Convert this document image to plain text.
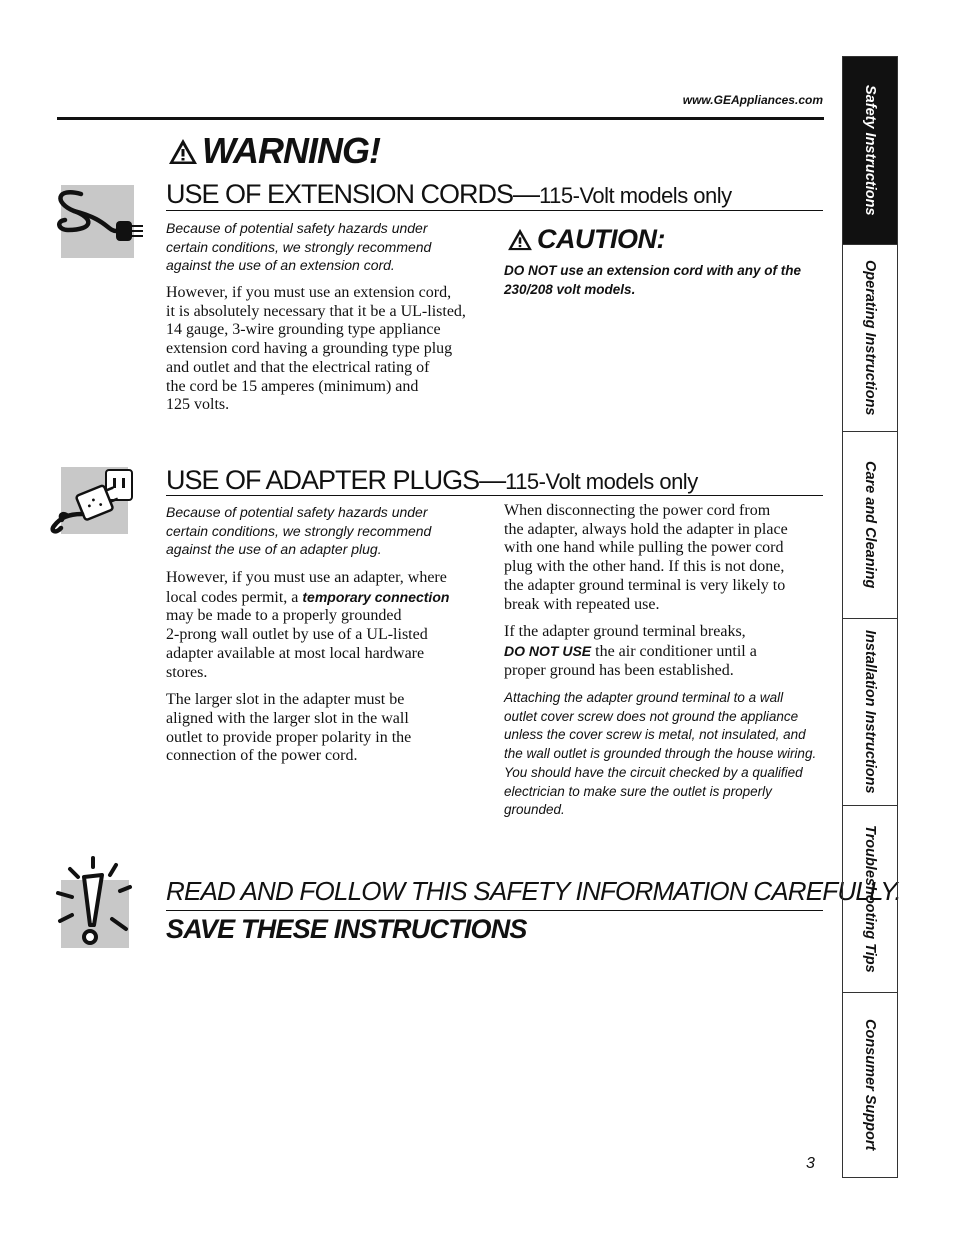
www.GEAppliances.com
WARNING!
USE OF EXTENSION CORDS—115-Volt models only
Because of potential safety hazards under
certain conditions, we strongly recommend
against the use of an extension cord.
However, if you must use an extension cord,
it is absolutely necessary that it be a UL-listed,
14 gauge, 3-wire grounding type appliance
extension cord having a grounding type plug
and outlet and that the electrical rating of
the cord be 15 amperes (minimum) and
125 volts.
CAUTION:
DO NOT use an extension cord with any of the
230/208 volt models.
USE OF ADAPTER PLUGS—115-Volt models only
Because of potential safety hazards under
certain conditions, we strongly recommend
against the use of an adapter plug.

However, if you must use an adapter, where
local codes permit, a temporary connection
may be made to a properly grounded
2-prong wall outlet by use of a UL-listed
adapter available at most local hardware
stores.

The larger slot in the adapter must be
aligned with the larger slot in the wall
outlet to provide proper polarity in the
connection of the power cord.

When disconnecting the power cord from
the adapter, always hold the adapter in place
with one hand while pulling the power cord
plug with the other hand. If this is not done,
the adapter ground terminal is very likely to
break with repeated use.

If the adapter ground terminal breaks,
DO NOT USE the air conditioner until a
proper ground has been established.

Attaching the adapter ground terminal to a wall
outlet cover screw does not ground the appliance
unless the cover screw is metal, not insulated, and
the wall outlet is grounded through the house wiring.
You should have the circuit checked by a qualified
electrician to make sure the outlet is properly
grounded.
READ AND FOLLOW THIS SAFETY INFORMATION CAREFULLY.
SAVE THESE INSTRUCTIONS
Safety Instructions
Operating Instructions
Care and Cleaning
Installation Instructions
Troubleshooting Tips
Consumer Support
3
